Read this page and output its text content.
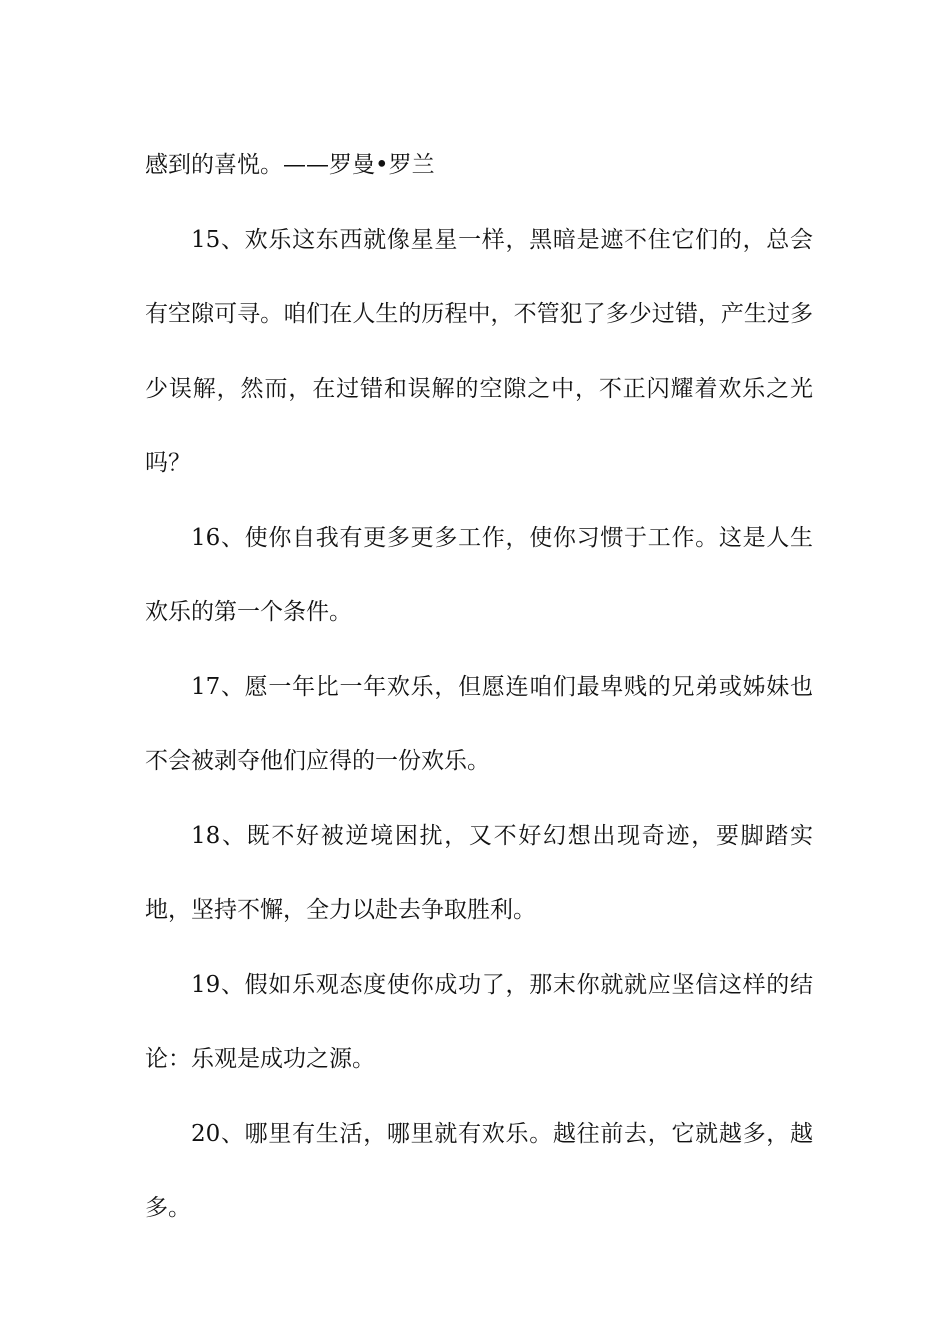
感到的喜悦。——罗曼•罗兰

15、欢乐这东西就像星星一样，黑暗是遮不住它们的，总会有空隙可寻。咱们在人生的历程中，不管犯了多少过错，产生过多少误解，然而，在过错和误解的空隙之中，不正闪耀着欢乐之光吗？

16、使你自我有更多更多工作，使你习惯于工作。这是人生欢乐的第一个条件。

17、愿一年比一年欢乐，但愿连咱们最卑贱的兄弟或姊妹也不会被剥夺他们应得的一份欢乐。

18、既不好被逆境困扰，又不好幻想出现奇迹，要脚踏实地，坚持不懈，全力以赴去争取胜利。

19、假如乐观态度使你成功了，那末你就就应坚信这样的结论：乐观是成功之源。

20、哪里有生活，哪里就有欢乐。越往前去，它就越多，越多。
